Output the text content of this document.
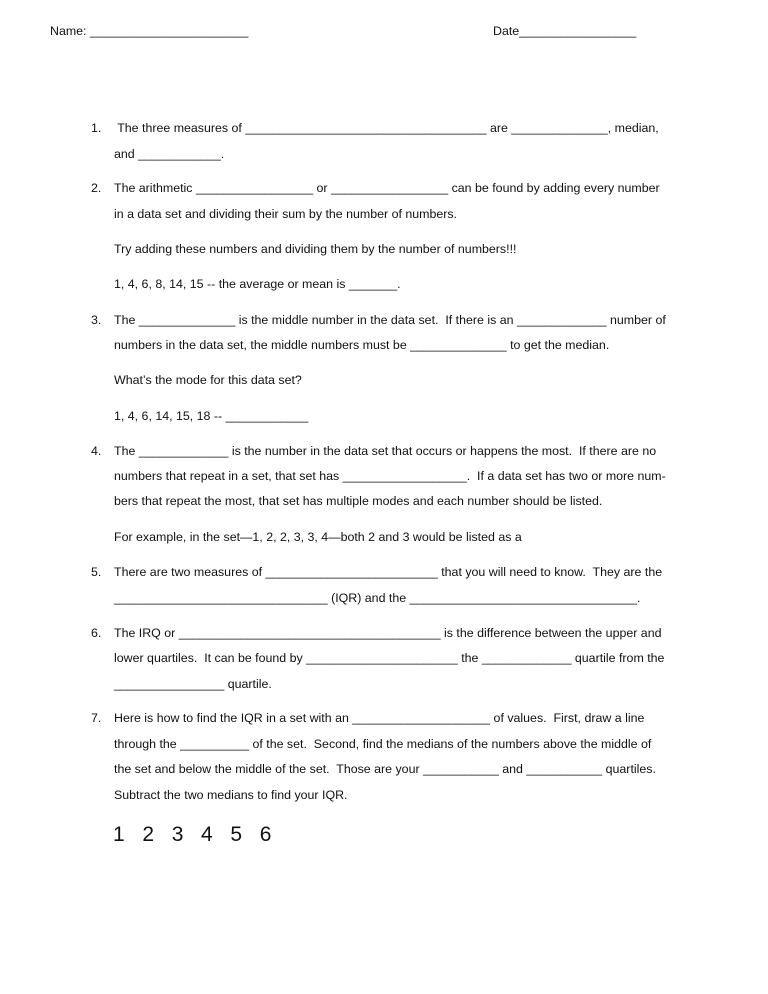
Name: _______________________	Date_________________
1.	The three measures of ___________________________________ are ______________, median,
and ____________.
2.	The arithmetic _________________ or _________________ can be found by adding every number
in a data set and dividing their sum by the number of numbers.
Try adding these numbers and dividing them by the number of numbers!!!
1, 4, 6, 8, 14, 15 -- the average or mean is _______.
3.	The ______________ is the middle number in the data set.  If there is an _____________ number of
numbers in the data set, the middle numbers must be ______________ to get the median.
What’s the mode for this data set?
1, 4, 6, 14, 15, 18 -- ____________
4.	The _____________ is the number in the data set that occurs or happens the most.  If there are no
numbers that repeat in a set, that set has __________________.  If a data set has two or more num-
bers that repeat the most, that set has multiple modes and each number should be listed.
For example, in the set—1, 2, 2, 3, 3, 4—both 2 and 3 would be listed as a
5.	There are two measures of _________________________ that you will need to know.  They are the
_______________________________ (IQR) and the _________________________________.
6.	The IRQ or ______________________________________ is the difference between the upper and
lower quartiles.  It can be found by ______________________ the _____________ quartile from the
________________ quartile.
7.	Here is how to find the IQR in a set with an ____________________ of values.  First, draw a line
through the __________ of the set.  Second, find the medians of the numbers above the middle of
the set and below the middle of the set.  Those are your ___________ and ___________ quartiles.
Subtract the two medians to find your IQR.
1  2  3  4  5  6
